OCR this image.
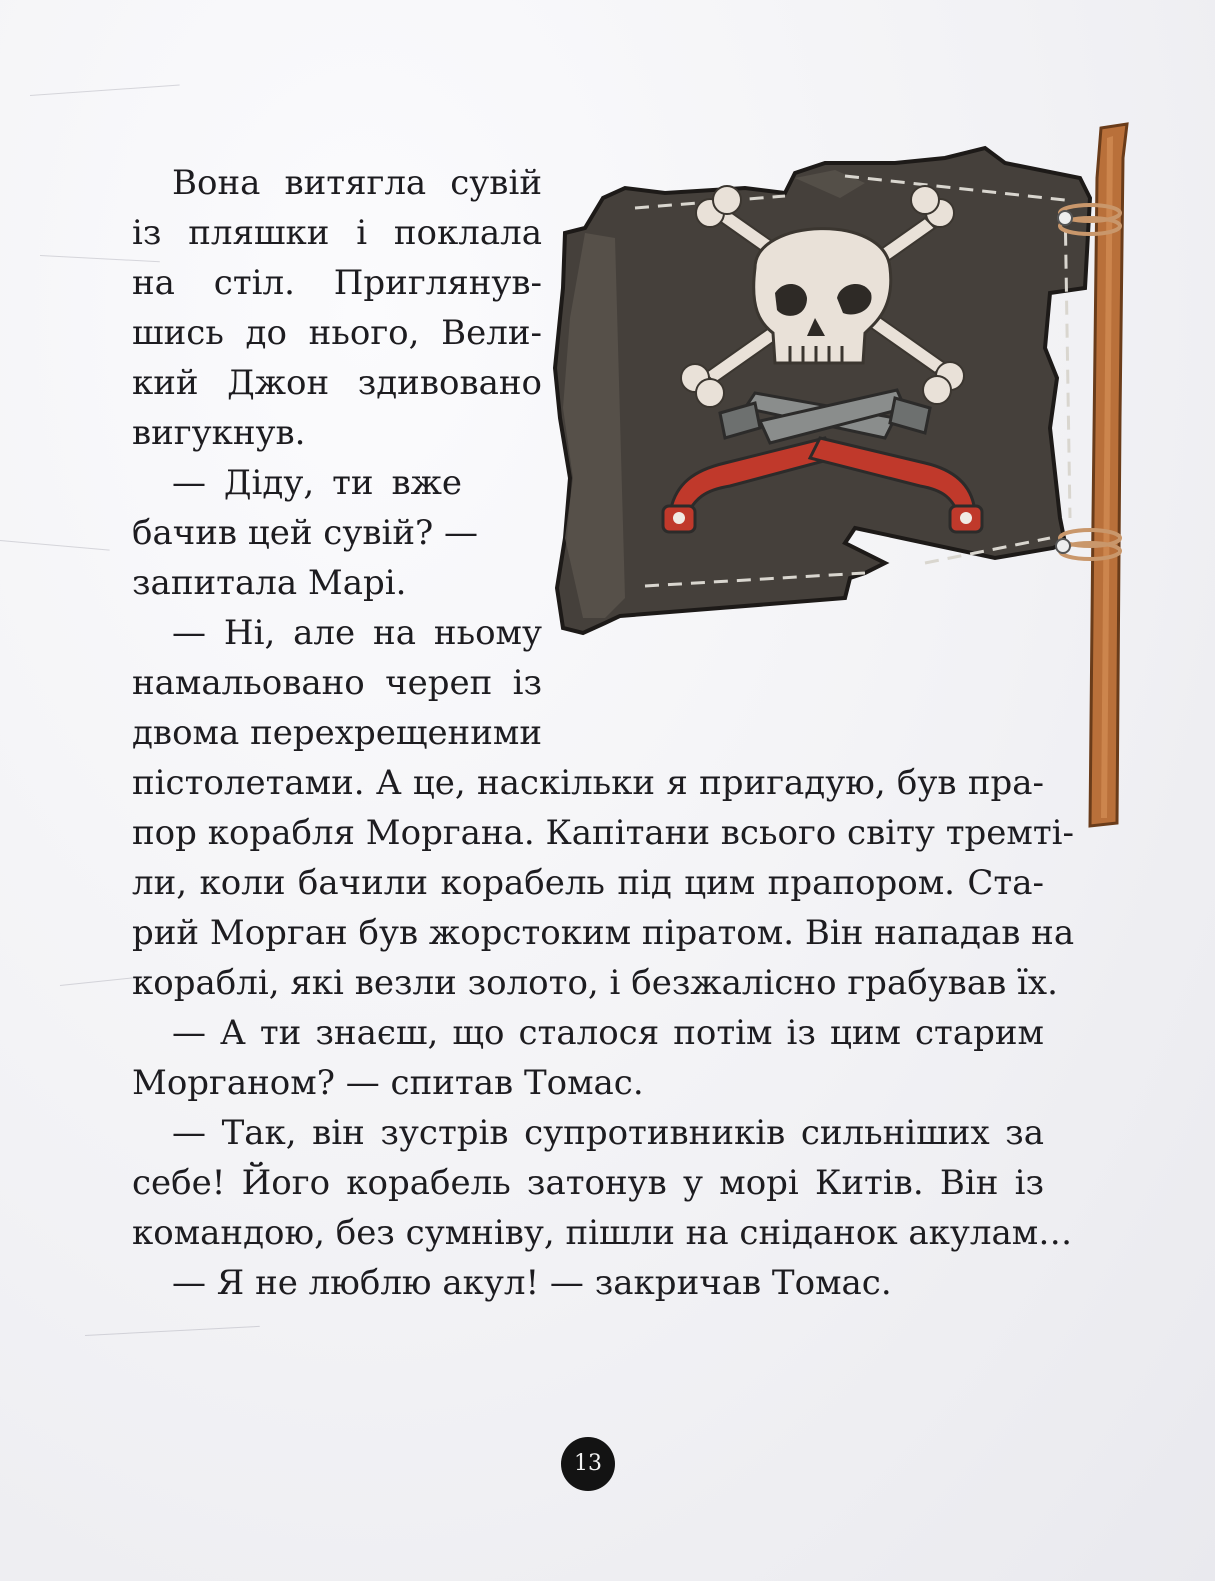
Вона витягла сувій
із пляшки і поклала
на стіл. Приглянув-
шись до нього, Вели-
кий Джон здивовано
вигукнув.
— Діду, ти вже
бачив цей сувій? —
запитала Марі.
— Ні, але на ньому
намальовано череп із
двома перехрещеними
пістолетами. А це, наскільки я пригадую, був пра-
пор корабля Моргана. Капітани всього світу тремті-
ли, коли бачили корабель під цим прапором. Ста-
рий Морган був жорстоким піратом. Він нападав на
кораблі, які везли золото, і безжалісно грабував їх.
— А ти знаєш, що сталося потім із цим старим
Морганом? — спитав Томас.
— Так, він зустрів супротивників сильніших за
себе! Його корабель затонув у морі Китів. Він із
командою, без сумніву, пішли на сніданок акулам…
— Я не люблю акул! — закричав Томас.
13
